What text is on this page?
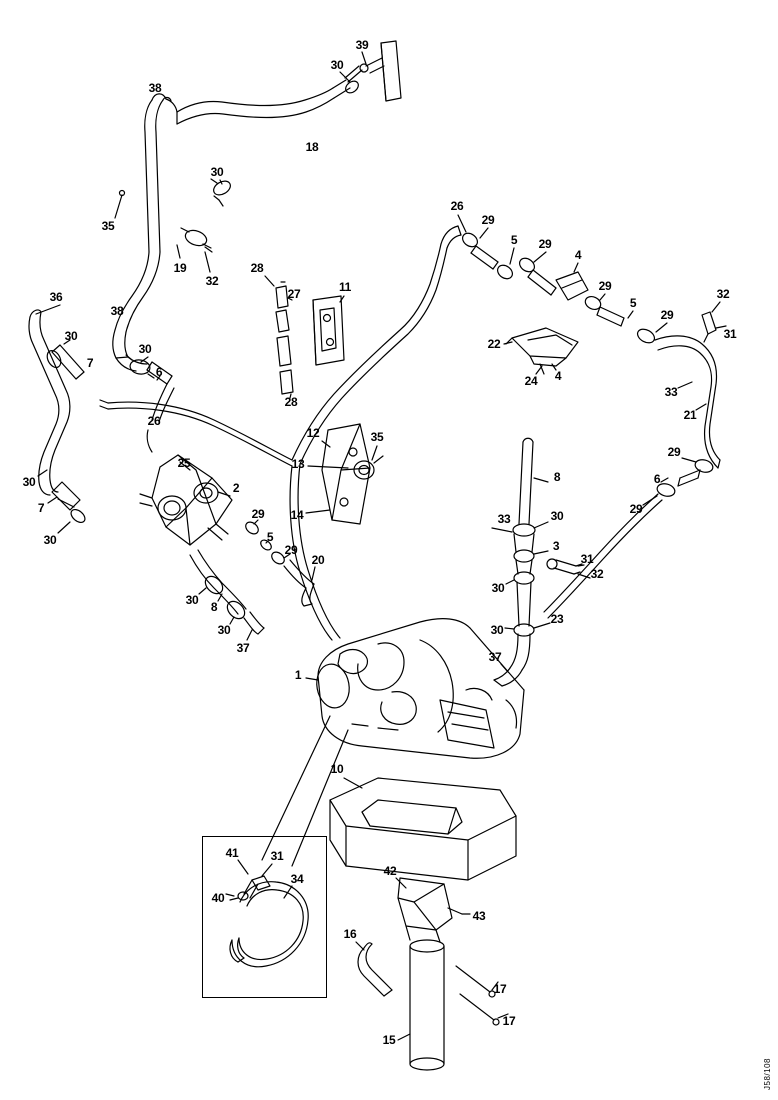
39
30
38
18
30
35
26
29
19
32
5 29
4
28
27	11	29
5
29
32
31
36
38
30
30	22
7
6
24 4
33
21
28
26
12	35
13
29
25
30	8
2
14
6
7	29
29	33	30
30	5
3
31
29
20
32
30
30 8
23
30
30
37
37
1
10
41	31
42
34
40
43
16
17
17
15
J58/108
